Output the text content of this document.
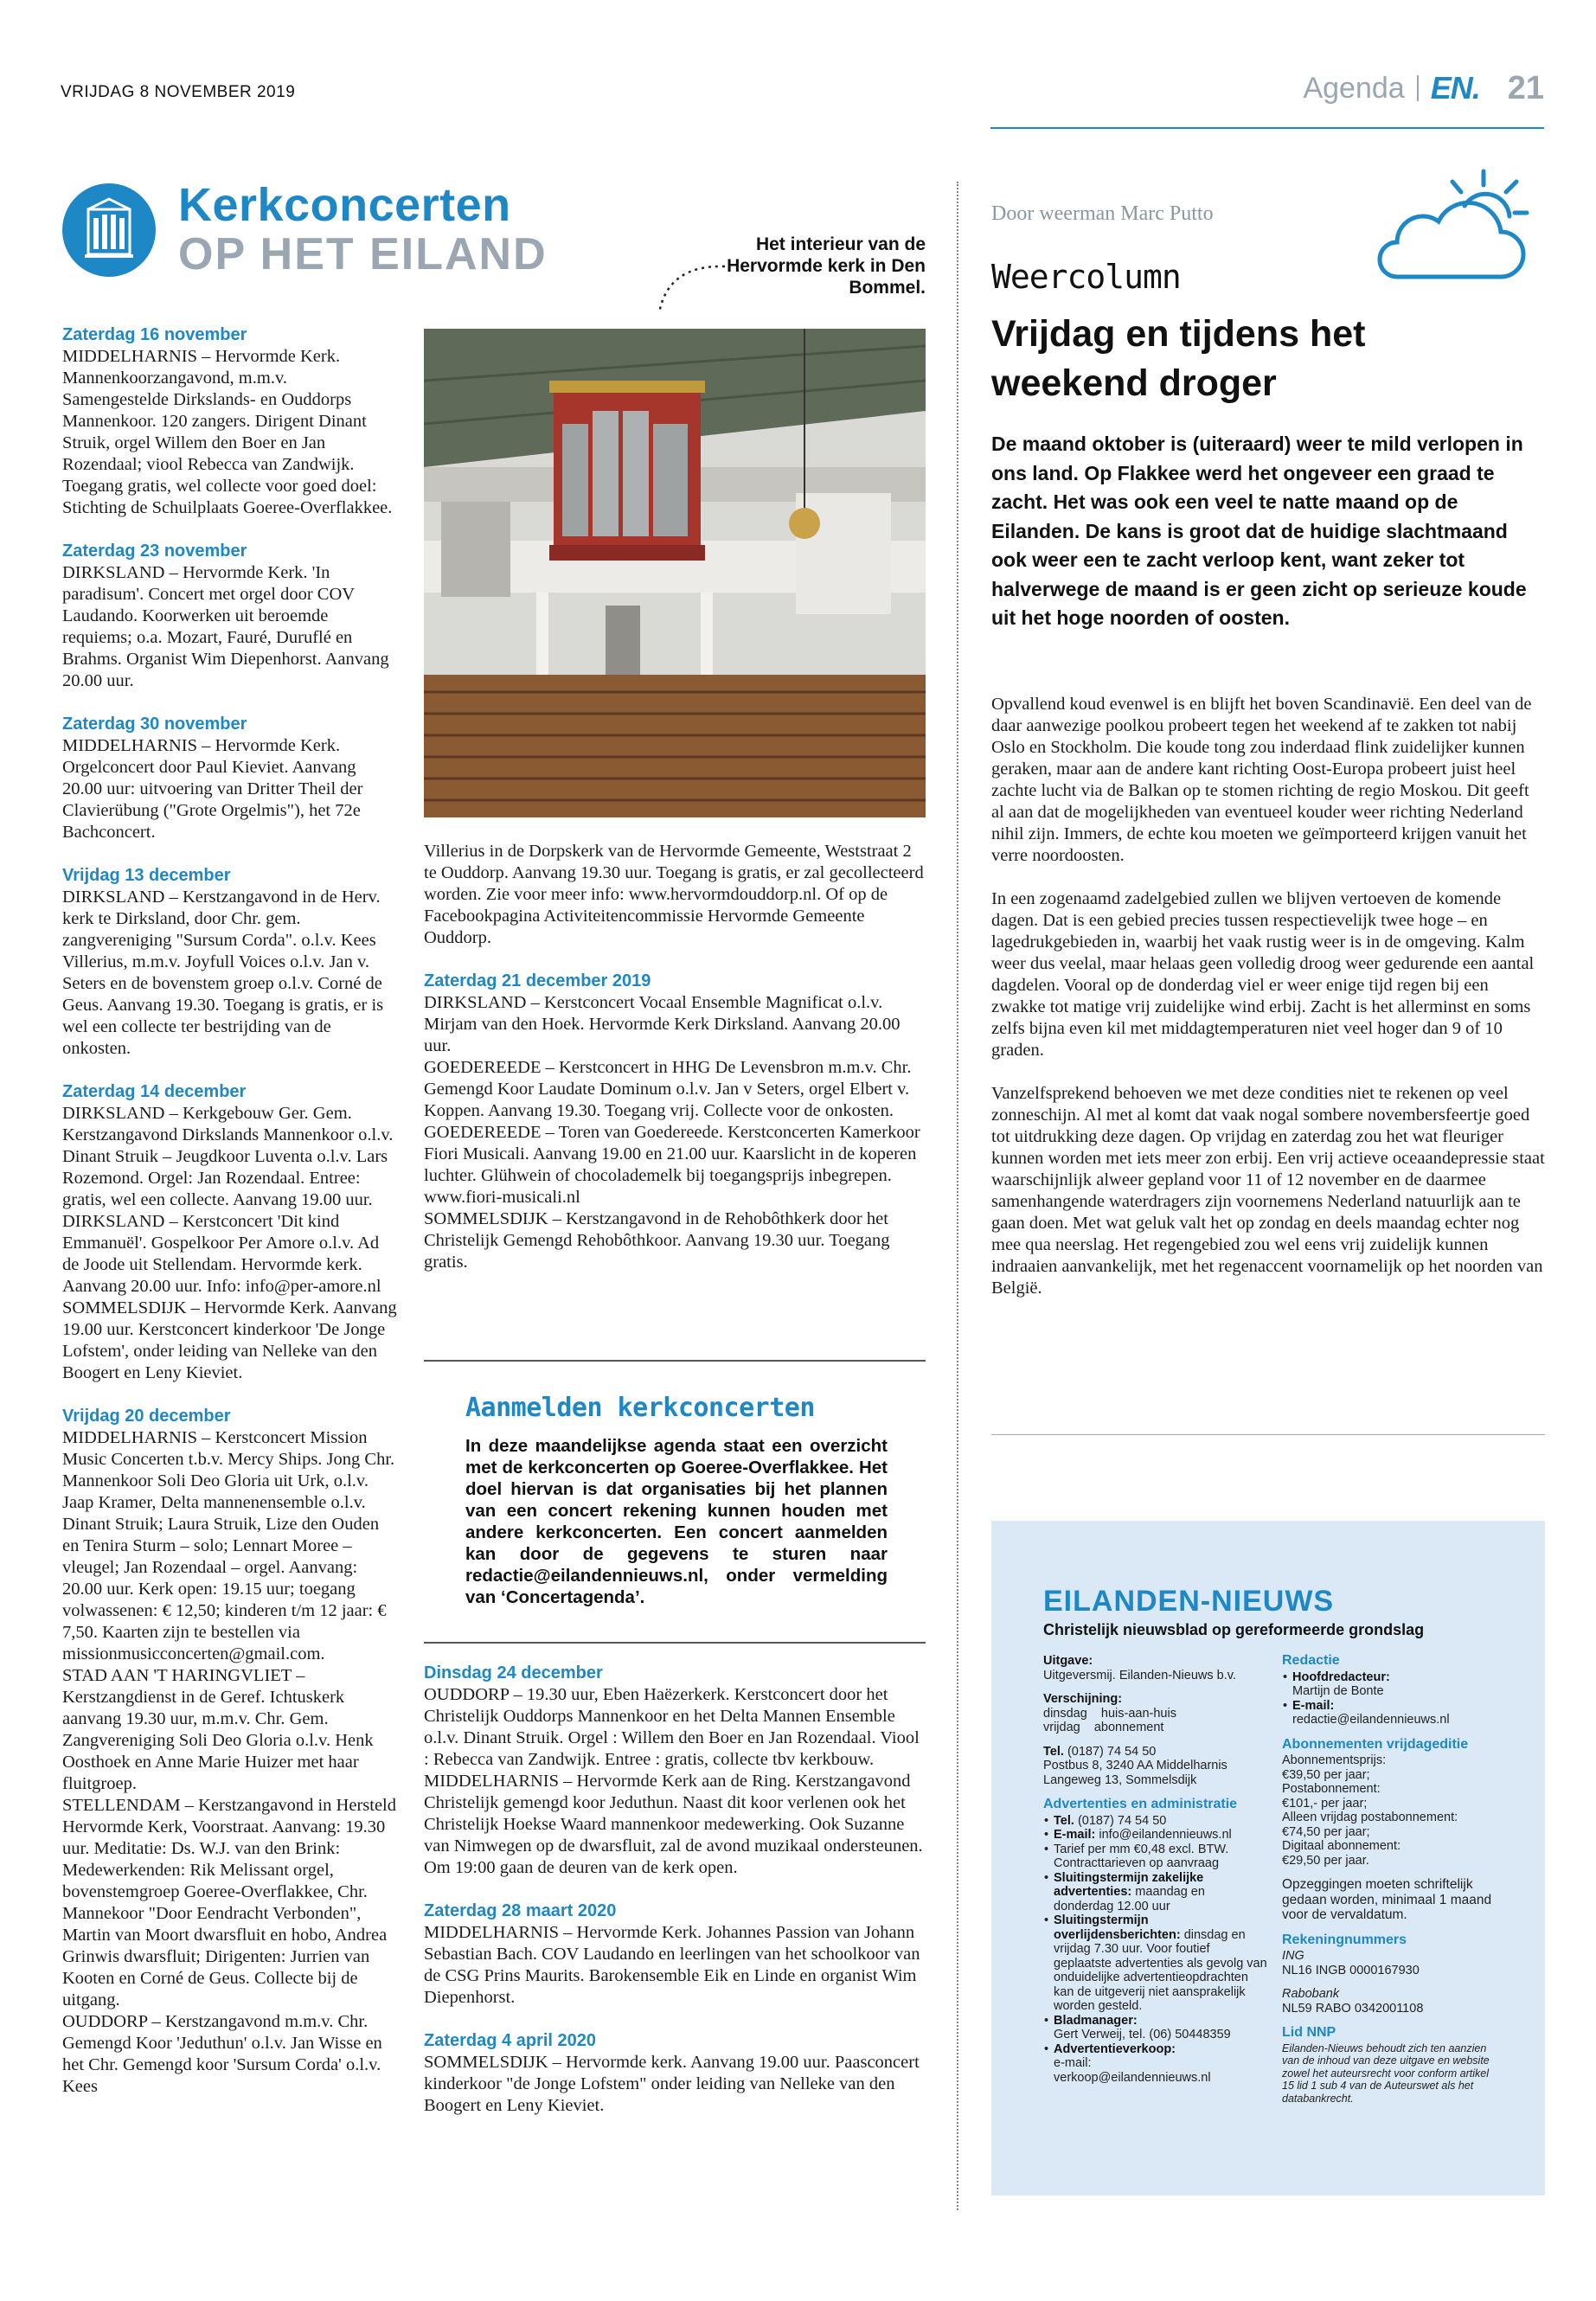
VRIJDAG 8 NOVEMBER 2019	Agenda EN. 21
Kerkconcerten
OP HET EILAND	Het interieur van de Hervormde kerk in Den Bommel.
Zaterdag 16 november

MIDDELHARNIS – Hervormde Kerk. Mannenkoorzangavond, m.m.v. Samengestelde Dirkslands- en Ouddorps Mannenkoor. 120 zangers. Dirigent Dinant Struik, orgel Willem den Boer en Jan Rozendaal; viool Rebecca van Zandwijk. Toegang gratis, wel collecte voor goed doel: Stichting de Schuilplaats Goeree-Overflakkee.

Zaterdag 23 november

DIRKSLAND – Hervormde Kerk. 'In paradisum'. Concert met orgel door COV Laudando. Koorwerken uit beroemde requiems; o.a. Mozart, Fauré, Duruflé en Brahms. Organist Wim Diepenhorst. Aanvang 20.00 uur.

Zaterdag 30 november

MIDDELHARNIS – Hervormde Kerk. Orgelconcert door Paul Kieviet. Aanvang 20.00 uur: uitvoering van Dritter Theil der Clavierübung ("Grote Orgelmis"), het 72e Bachconcert.

Vrijdag 13 december

DIRKSLAND – Kerstzangavond in de Herv. kerk te Dirksland, door Chr. gem. zangvereniging "Sursum Corda". o.l.v. Kees Villerius, m.m.v. Joyfull Voices o.l.v. Jan v. Seters en de bovenstem groep o.l.v. Corné de Geus. Aanvang 19.30. Toegang is gratis, er is wel een collecte ter bestrijding van de onkosten.

Zaterdag 14 december

DIRKSLAND – Kerkgebouw Ger. Gem. Kerstzangavond Dirkslands Mannenkoor o.l.v. Dinant Struik – Jeugdkoor Luventa o.l.v. Lars Rozemond. Orgel: Jan Rozendaal. Entree: gratis, wel een collecte. Aanvang 19.00 uur.
DIRKSLAND – Kerstconcert 'Dit kind Emmanuël'. Gospelkoor Per Amore o.l.v. Ad de Joode uit Stellendam. Hervormde kerk. Aanvang 20.00 uur. Info: info@per-amore.nl
SOMMELSDIJK – Hervormde Kerk. Aanvang 19.00 uur. Kerstconcert kinderkoor 'De Jonge Lofstem', onder leiding van Nelleke van den Boogert en Leny Kieviet.

Vrijdag 20 december

MIDDELHARNIS – Kerstconcert Mission Music Concerten t.b.v. Mercy Ships. Jong Chr. Mannenkoor Soli Deo Gloria uit Urk, o.l.v. Jaap Kramer, Delta mannenensemble o.l.v. Dinant Struik; Laura Struik, Lize den Ouden en Tenira Sturm – solo; Lennart Moree – vleugel; Jan Rozendaal – orgel. Aanvang: 20.00 uur. Kerk open: 19.15 uur; toegang volwassenen: € 12,50; kinderen t/m 12 jaar: € 7,50. Kaarten zijn te bestellen via missionmusicconcerten@gmail.com.
STAD AAN 'T HARINGVLIET – Kerstzangdienst in de Geref. Ichtuskerk aanvang 19.30 uur, m.m.v. Chr. Gem. Zangvereniging Soli Deo Gloria o.l.v. Henk Oosthoek en Anne Marie Huizer met haar fluitgroep.
STELLENDAM – Kerstzangavond in Hersteld Hervormde Kerk, Voorstraat. Aanvang: 19.30 uur. Meditatie: Ds. W.J. van den Brink: Medewerkenden: Rik Melissant orgel, bovenstemgroep Goeree-Overflakkee, Chr. Mannekoor "Door Eendracht Verbonden", Martin van Moort dwarsfluit en hobo, Andrea Grinwis dwarsfluit; Dirigenten: Jurrien van Kooten en Corné de Geus. Collecte bij de uitgang.
OUDDORP – Kerstzangavond m.m.v. Chr. Gemengd Koor 'Jeduthun' o.l.v. Jan Wisse en het Chr. Gemengd koor 'Sursum Corda' o.l.v. Kees

Villerius in de Dorpskerk van de Hervormde Gemeente, Weststraat 2 te Ouddorp. Aanvang 19.30 uur. Toegang is gratis, er zal gecollecteerd worden. Zie voor meer info: www.hervormdouddorp.nl. Of op de Facebookpagina Activiteitencommissie Hervormde Gemeente Ouddorp.

Zaterdag 21 december 2019

DIRKSLAND – Kerstconcert Vocaal Ensemble Magnificat o.l.v. Mirjam van den Hoek. Hervormde Kerk Dirksland. Aanvang 20.00 uur.
GOEDEREEDE – Kerstconcert in HHG De Levensbron m.m.v. Chr. Gemengd Koor Laudate Dominum o.l.v. Jan v Seters, orgel Elbert v. Koppen. Aanvang 19.30. Toegang vrij. Collecte voor de onkosten.
GOEDEREEDE – Toren van Goedereede. Kerstconcerten Kamerkoor Fiori Musicali. Aanvang 19.00 en 21.00 uur. Kaarslicht in de koperen luchter. Glühwein of chocolademelk bij toegangsprijs inbegrepen. www.fiori-musicali.nl
SOMMELSDIJK – Kerstzangavond in de Rehobôthkerk door het Christelijk Gemengd Rehobôthkoor. Aanvang 19.30 uur. Toegang gratis.

Aanmelden kerkconcerten
In deze maandelijkse agenda staat een overzicht met de kerkconcerten op Goeree-Overflakkee. Het doel hiervan is dat organisaties bij het plannen van een concert rekening kunnen houden met andere kerkconcerten. Een concert aanmelden kan door de gegevens te sturen naar redactie@eilandennieuws.nl, onder vermelding van ‘Concertagenda’.
Dinsdag 24 december

OUDDORP – 19.30 uur, Eben Haëzerkerk. Kerstconcert door het Christelijk Ouddorps Mannenkoor en het Delta Mannen Ensemble o.l.v. Dinant Struik. Orgel : Willem den Boer en Jan Rozendaal. Viool : Rebecca van Zandwijk. Entree : gratis, collecte tbv kerkbouw.
MIDDELHARNIS – Hervormde Kerk aan de Ring. Kerstzangavond Christelijk gemengd koor Jeduthun. Naast dit koor verlenen ook het Christelijk Hoekse Waard mannenkoor medewerking. Ook Suzanne van Nimwegen op de dwarsfluit, zal de avond muzikaal ondersteunen. Om 19:00 gaan de deuren van de kerk open.

Zaterdag 28 maart 2020

MIDDELHARNIS – Hervormde Kerk. Johannes Passion van Johann Sebastian Bach. COV Laudando en leerlingen van het schoolkoor van de CSG Prins Maurits. Barokensemble Eik en Linde en organist Wim Diepenhorst.

Zaterdag 4 april 2020

SOMMELSDIJK – Hervormde kerk. Aanvang 19.00 uur. Paasconcert kinderkoor "de Jonge Lofstem" onder leiding van Nelleke van den Boogert en Leny Kieviet.

Door weerman Marc Putto
Weercolumn
Vrijdag en tijdens het weekend droger
De maand oktober is (uiteraard) weer te mild verlopen in ons land. Op Flakkee werd het ongeveer een graad te zacht. Het was ook een veel te natte maand op de Eilanden. De kans is groot dat de huidige slachtmaand ook weer een te zacht verloop kent, want zeker tot halverwege de maand is er geen zicht op serieuze koude uit het hoge noorden of oosten.

Opvallend koud evenwel is en blijft het boven Scandinavië. Een deel van de daar aanwezige poolkou probeert tegen het weekend af te zakken tot nabij Oslo en Stockholm. Die koude tong zou inderdaad flink zuidelijker kunnen geraken, maar aan de andere kant richting Oost-Europa probeert juist heel zachte lucht via de Balkan op te stomen richting de regio Moskou. Dit geeft al aan dat de mogelijkheden van eventueel kouder weer richting Nederland nihil zijn. Immers, de echte kou moeten we geïmporteerd krijgen vanuit het verre noordoosten.

In een zogenaamd zadelgebied zullen we blijven vertoeven de komende dagen. Dat is een gebied precies tussen respectievelijk twee hoge – en lagedrukgebieden in, waarbij het vaak rustig weer is in de omgeving. Kalm weer dus veelal, maar helaas geen volledig droog weer gedurende een aantal dagdelen. Vooral op de donderdag viel er weer enige tijd regen bij een zwakke tot matige vrij zuidelijke wind erbij. Zacht is het allerminst en soms zelfs bijna even kil met middagtemperaturen niet veel hoger dan 9 of 10 graden.

Vanzelfsprekend behoeven we met deze condities niet te rekenen op veel zonneschijn. Al met al komt dat vaak nogal sombere novembersfeertje goed tot uitdrukking deze dagen. Op vrijdag en zaterdag zou het wat fleuriger kunnen worden met iets meer zon erbij. Een vrij actieve oceaandepressie staat waarschijnlijk alweer gepland voor 11 of 12 november en de daarmee samenhangende waterdragers zijn voornemens Nederland natuurlijk aan te gaan doen. Met wat geluk valt het op zondag en deels maandag echter nog mee qua neerslag. Het regengebied zou wel eens vrij zuidelijk kunnen indraaien aanvankelijk, met het regenaccent voornamelijk op het noorden van België.

EILANDEN-NIEUWS
Christelijk nieuwsblad op gereformeerde grondslag
Uitgave:
Uitgeversmij. Eilanden-Nieuws b.v.
Verschijning:
dinsdag    huis-aan-huis
vrijdag    abonnement
Tel. (0187) 74 54 50
Postbus 8, 3240 AA Middelharnis
Langeweg 13, Sommelsdijk
Advertenties en administratie
• Tel. (0187) 74 54 50
• E-mail: info@eilandennieuws.nl
• Tarief per mm €0,48 excl. BTW. Contracttarieven op aanvraag
• Sluitingstermijn zakelijke advertenties: maandag en donderdag 12.00 uur
• Sluitingstermijn overlijdensberichten: dinsdag en vrijdag 7.30 uur. Voor foutief geplaatste advertenties als gevolg van onduidelijke advertentieopdrachten kan de uitgeverij niet aansprakelijk worden gesteld.
• Bladmanager:
Gert Verweij, tel. (06) 50448359
• Advertentieverkoop:
e-mail:
verkoop@eilandennieuws.nl
Redactie
• Hoofdredacteur:
Martijn de Bonte
• E-mail:
redactie@eilandennieuws.nl
Abonnementen vrijdageditie
Abonnementsprijs:
€39,50 per jaar;
Postabonnement:
€101,- per jaar;
Alleen vrijdag postabonnement:
€74,50 per jaar;
Digitaal abonnement:
€29,50 per jaar.
Opzeggingen moeten schriftelijk gedaan worden, minimaal 1 maand voor de vervaldatum.
Rekeningnummers
ING
NL16 INGB 0000167930
Rabobank
NL59 RABO 0342001108
Lid NNP
Eilanden-Nieuws behoudt zich ten aanzien van de inhoud van deze uitgave en website zowel het auteursrecht voor conform artikel 15 lid 1 sub 4 van de Auteurswet als het databankrecht.
